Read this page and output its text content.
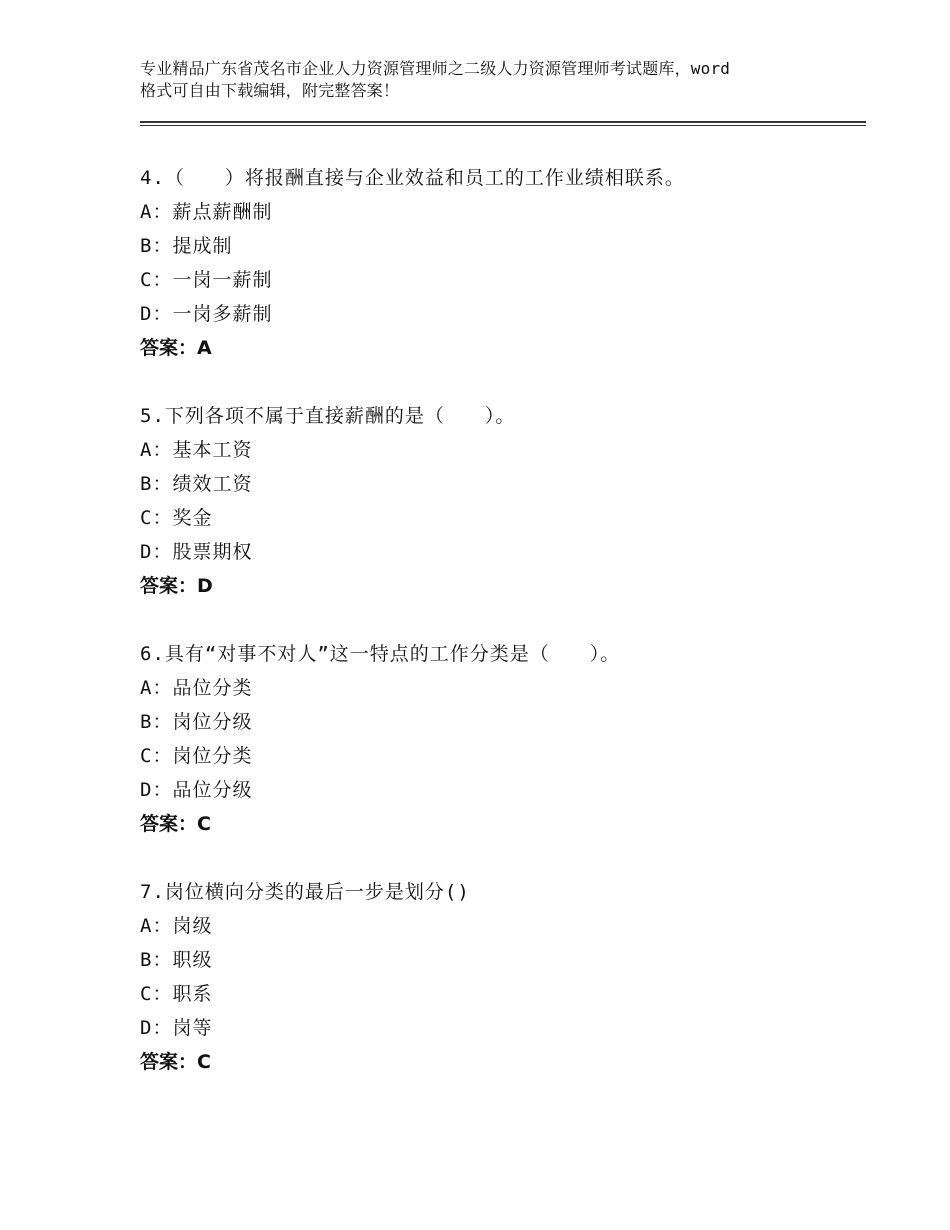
专业精品广东省茂名市企业人力资源管理师之二级人力资源管理师考试题库，word
格式可自由下载编辑，附完整答案！
4.（　　）将报酬直接与企业效益和员工的工作业绩相联系。
A：薪点薪酬制
B：提成制
C：一岗一薪制
D：一岗多薪制
答案：A
5.下列各项不属于直接薪酬的是（　　）。
A：基本工资
B：绩效工资
C：奖金
D：股票期权
答案：D
6.具有“对事不对人”这一特点的工作分类是（　　）。
A：品位分类
B：岗位分级
C：岗位分类
D：品位分级
答案：C
7.岗位横向分类的最后一步是划分()
A：岗级
B：职级
C：职系
D：岗等
答案：C
